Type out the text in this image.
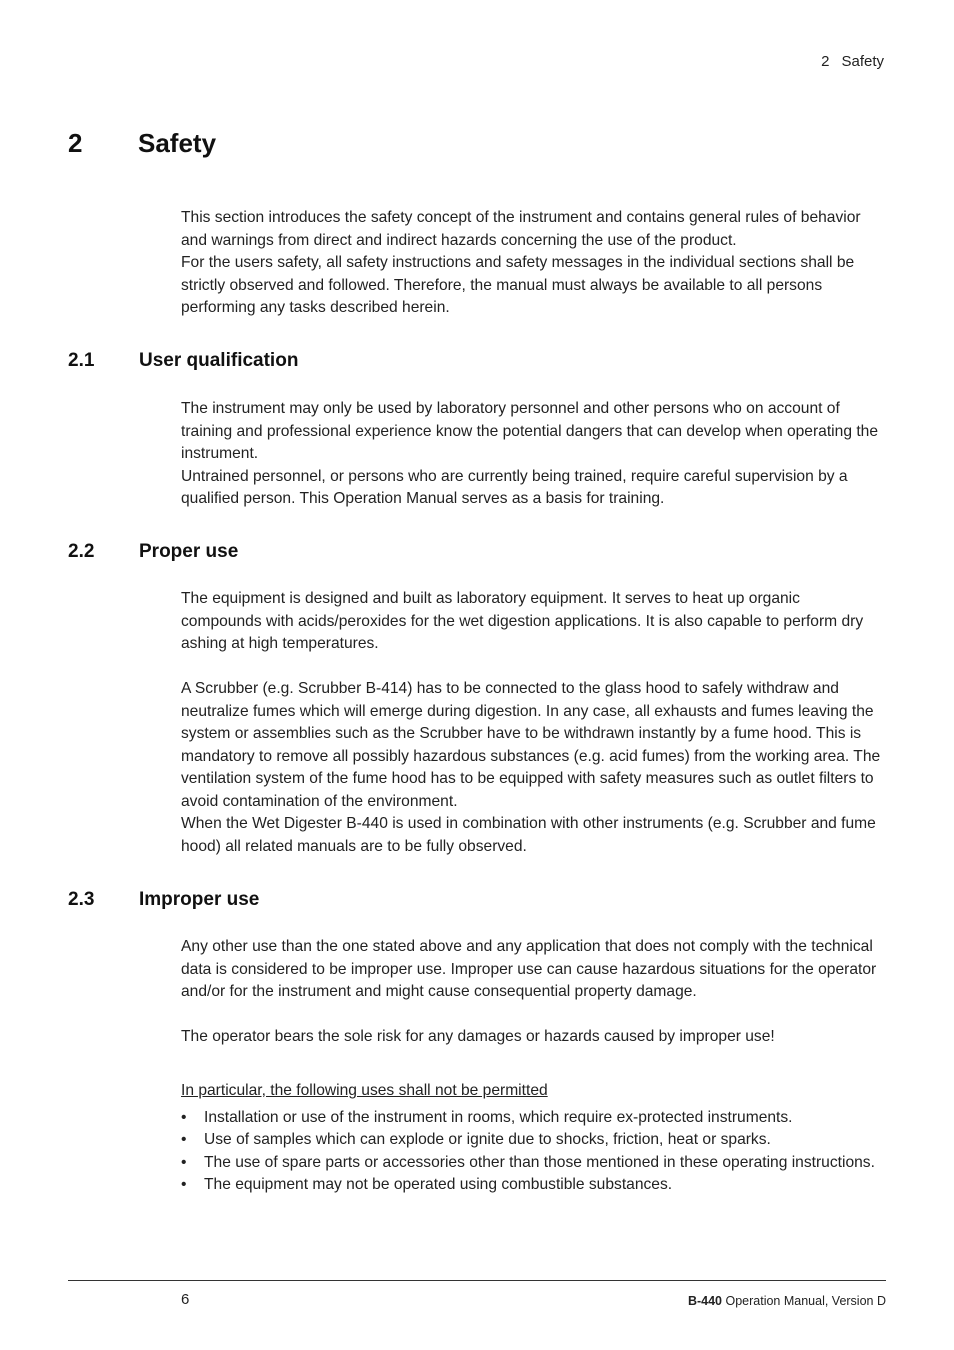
2 Safety
2 Safety

This section introduces the safety concept of the instrument and contains general rules of behavior and warnings from direct and indirect hazards concerning the use of the product.

For the users safety, all safety instructions and safety messages in the individual sections shall be strictly observed and followed. Therefore, the manual must always be available to all persons performing any tasks described herein.

2.1 User qualification

The instrument may only be used by laboratory personnel and other persons who on account of training and professional experience know the potential dangers that can develop when operating the instrument.

Untrained personnel, or persons who are currently being trained, require careful supervision by a qualified person. This Operation Manual serves as a basis for training.

2.2 Proper use

The equipment is designed and built as laboratory equipment. It serves to heat up organic compounds with acids/peroxides for the wet digestion applications. It is also capable to perform dry ashing at high temperatures.

A Scrubber (e.g. Scrubber B-414) has to be connected to the glass hood to safely withdraw and neutralize fumes which will emerge during digestion. In any case, all exhausts and fumes leaving the system or assemblies such as the Scrubber have to be withdrawn instantly by a fume hood. This is mandatory to remove all possibly hazardous substances (e.g. acid fumes) from the working area. The ventilation system of the fume hood has to be equipped with safety measures such as outlet filters to avoid contamination of the environment.

When the Wet Digester B-440 is used in combination with other instruments (e.g. Scrubber and fume hood) all related manuals are to be fully observed.

2.3 Improper use

Any other use than the one stated above and any application that does not comply with the technical data is considered to be improper use. Improper use can cause hazardous situations for the operator and/or for the instrument and might cause consequential property damage.

The operator bears the sole risk for any damages or hazards caused by improper use!

In particular, the following uses shall not be permitted

• Installation or use of the instrument in rooms, which require ex-protected instruments.
• Use of samples which can explode or ignite due to shocks, friction, heat or sparks.
• The use of spare parts or accessories other than those mentioned in these operating instructions.
• The equipment may not be operated using combustible substances.
6	B-440 Operation Manual, Version D
